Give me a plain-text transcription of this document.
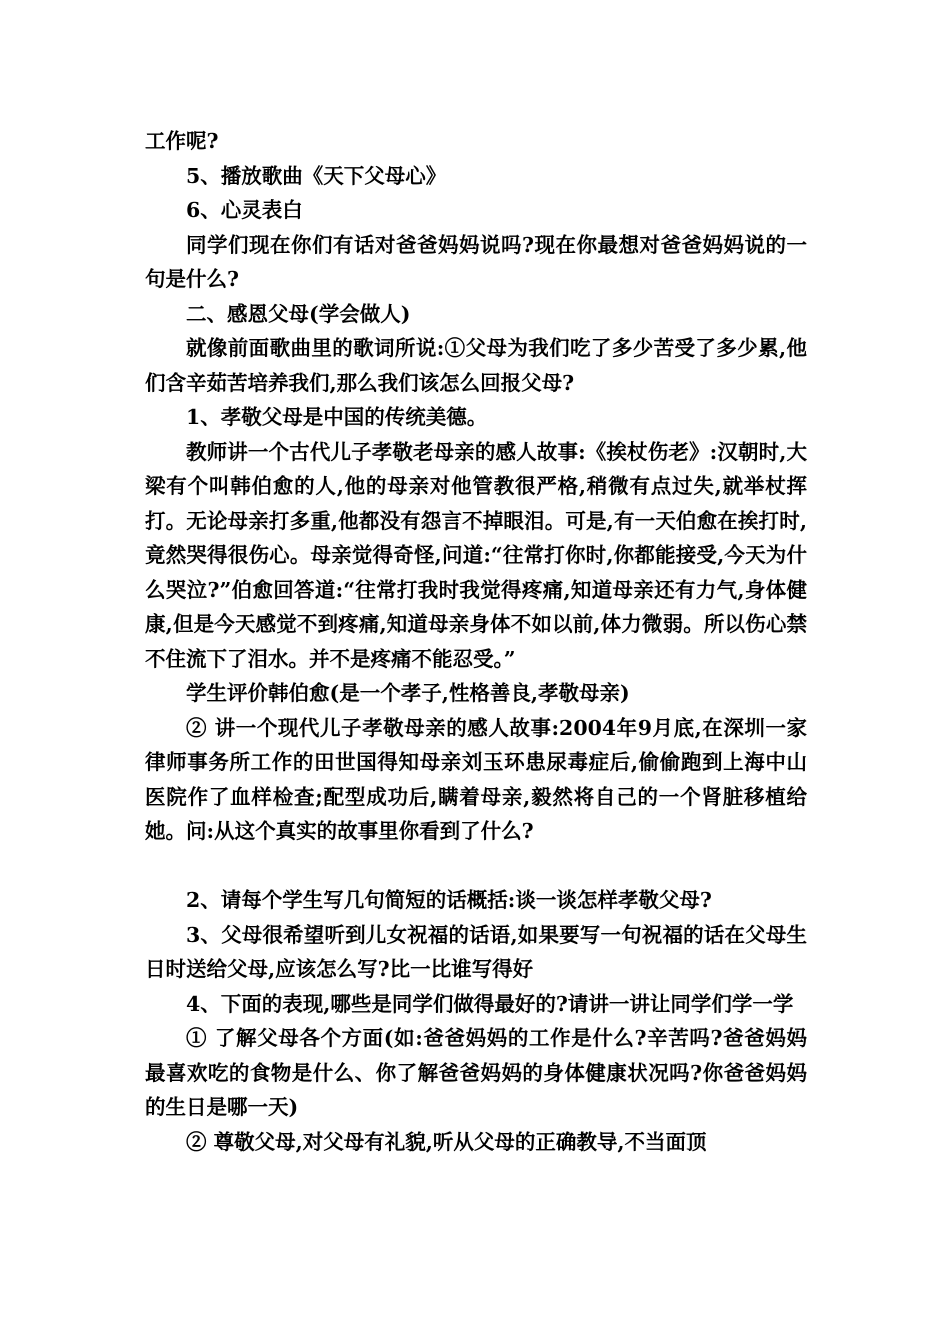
工作呢?

5、播放歌曲《天下父母心》

6、心灵表白

同学们现在你们有话对爸爸妈妈说吗?现在你最想对爸爸妈妈说的一句是什么?

二、感恩父母(学会做人)

就像前面歌曲里的歌词所说:①父母为我们吃了多少苦受了多少累,他们含辛茹苦培养我们,那么我们该怎么回报父母?

1、孝敬父母是中国的传统美德。

教师讲一个古代儿子孝敬老母亲的感人故事:《挨杖伤老》:汉朝时,大梁有个叫韩伯愈的人,他的母亲对他管教很严格,稍微有点过失,就举杖挥打。无论母亲打多重,他都没有怨言不掉眼泪。可是,有一天伯愈在挨打时,竟然哭得很伤心。母亲觉得奇怪,问道:“往常打你时,你都能接受,今天为什么哭泣?”伯愈回答道:“往常打我时我觉得疼痛,知道母亲还有力气,身体健康,但是今天感觉不到疼痛,知道母亲身体不如以前,体力微弱。所以伤心禁不住流下了泪水。并不是疼痛不能忍受。”

学生评价韩伯愈(是一个孝子,性格善良,孝敬母亲)

② 讲一个现代儿子孝敬母亲的感人故事:2004年9月底,在深圳一家律师事务所工作的田世国得知母亲刘玉环患尿毒症后,偷偷跑到上海中山医院作了血样检查;配型成功后,瞒着母亲,毅然将自己的一个肾脏移植给她。问:从这个真实的故事里你看到了什么?

2、请每个学生写几句简短的话概括:谈一谈怎样孝敬父母?

3、父母很希望听到儿女祝福的话语,如果要写一句祝福的话在父母生日时送给父母,应该怎么写?比一比谁写得好

4、下面的表现,哪些是同学们做得最好的?请讲一讲让同学们学一学

① 了解父母各个方面(如:爸爸妈妈的工作是什么?辛苦吗?爸爸妈妈最喜欢吃的食物是什么、你了解爸爸妈妈的身体健康状况吗?你爸爸妈妈的生日是哪一天)

② 尊敬父母,对父母有礼貌,听从父母的正确教导,不当面顶
